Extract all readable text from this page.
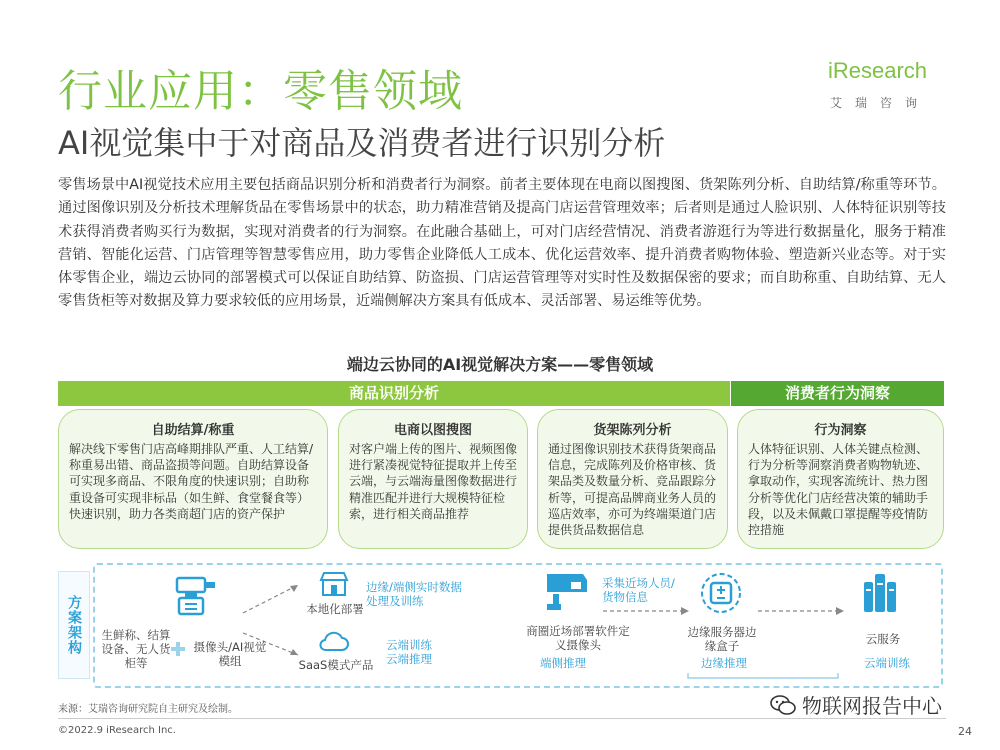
行业应用：零售领域
AI视觉集中于对商品及消费者进行识别分析
iResearch
艾瑞咨询
零售场景中AI视觉技术应用主要包括商品识别分析和消费者行为洞察。前者主要体现在电商以图搜图、货架陈列分析、自助结算/称重等环节。通过图像识别及分析技术理解货品在零售场景中的状态，助力精准营销及提高门店运营管理效率；后者则是通过人脸识别、人体特征识别等技术获得消费者购买行为数据，实现对消费者的行为洞察。在此融合基础上，可对门店经营情况、消费者游逛行为等进行数据量化，服务于精准营销、智能化运营、门店管理等智慧零售应用，助力零售企业降低人工成本、优化运营效率、提升消费者购物体验、塑造新兴业态等。对于实体零售企业，端边云协同的部署模式可以保证自助结算、防盗损、门店运营管理等对实时性及数据保密的要求；而自助称重、自助结算、无人零售货柜等对数据及算力要求较低的应用场景，近端侧解决方案具有低成本、灵活部署、易运维等优势。
端边云协同的AI视觉解决方案——零售领域
商品识别分析	消费者行为洞察
自助结算/称重
解决线下零售门店高峰期排队严重、人工结算/称重易出错、商品盗损等问题。自助结算设备可实现多商品、不限角度的快速识别；自助称重设备可实现非标品（如生鲜、食堂餐食等）快速识别，助力各类商超门店的资产保护
电商以图搜图
对客户端上传的图片、视频图像进行紧凑视觉特征提取并上传至云端，与云端海量图像数据进行精准匹配并进行大规模特征检索，进行相关商品推荐
货架陈列分析
通过图像识别技术获得货架商品信息，完成陈列及价格审核、货架品类及数量分析、竞品跟踪分析等，可提高品牌商业务人员的巡店效率，亦可为终端渠道门店提供货品数据信息
行为洞察
人体特征识别、人体关键点检测、行为分析等洞察消费者购物轨迹、拿取动作，实现客流统计、热力图分析等优化门店经营决策的辅助手段，以及未佩戴口罩提醒等疫情防控措施
方案架构 生鲜称、结算设备、无人货柜等
摄像头/AI视觉模组
本地化部署
边缘/端侧实时数据处理及训练
SaaS模式产品
云端训练
云端推理
商圈近场部署软件定义摄像头
端侧推理
采集近场人员/货物信息
边缘服务器边缘盒子
边缘推理
云服务
云端训练
来源：艾瑞咨询研究院自主研究及绘制。
©2022.9 iResearch Inc.	24
物联网报告中心
